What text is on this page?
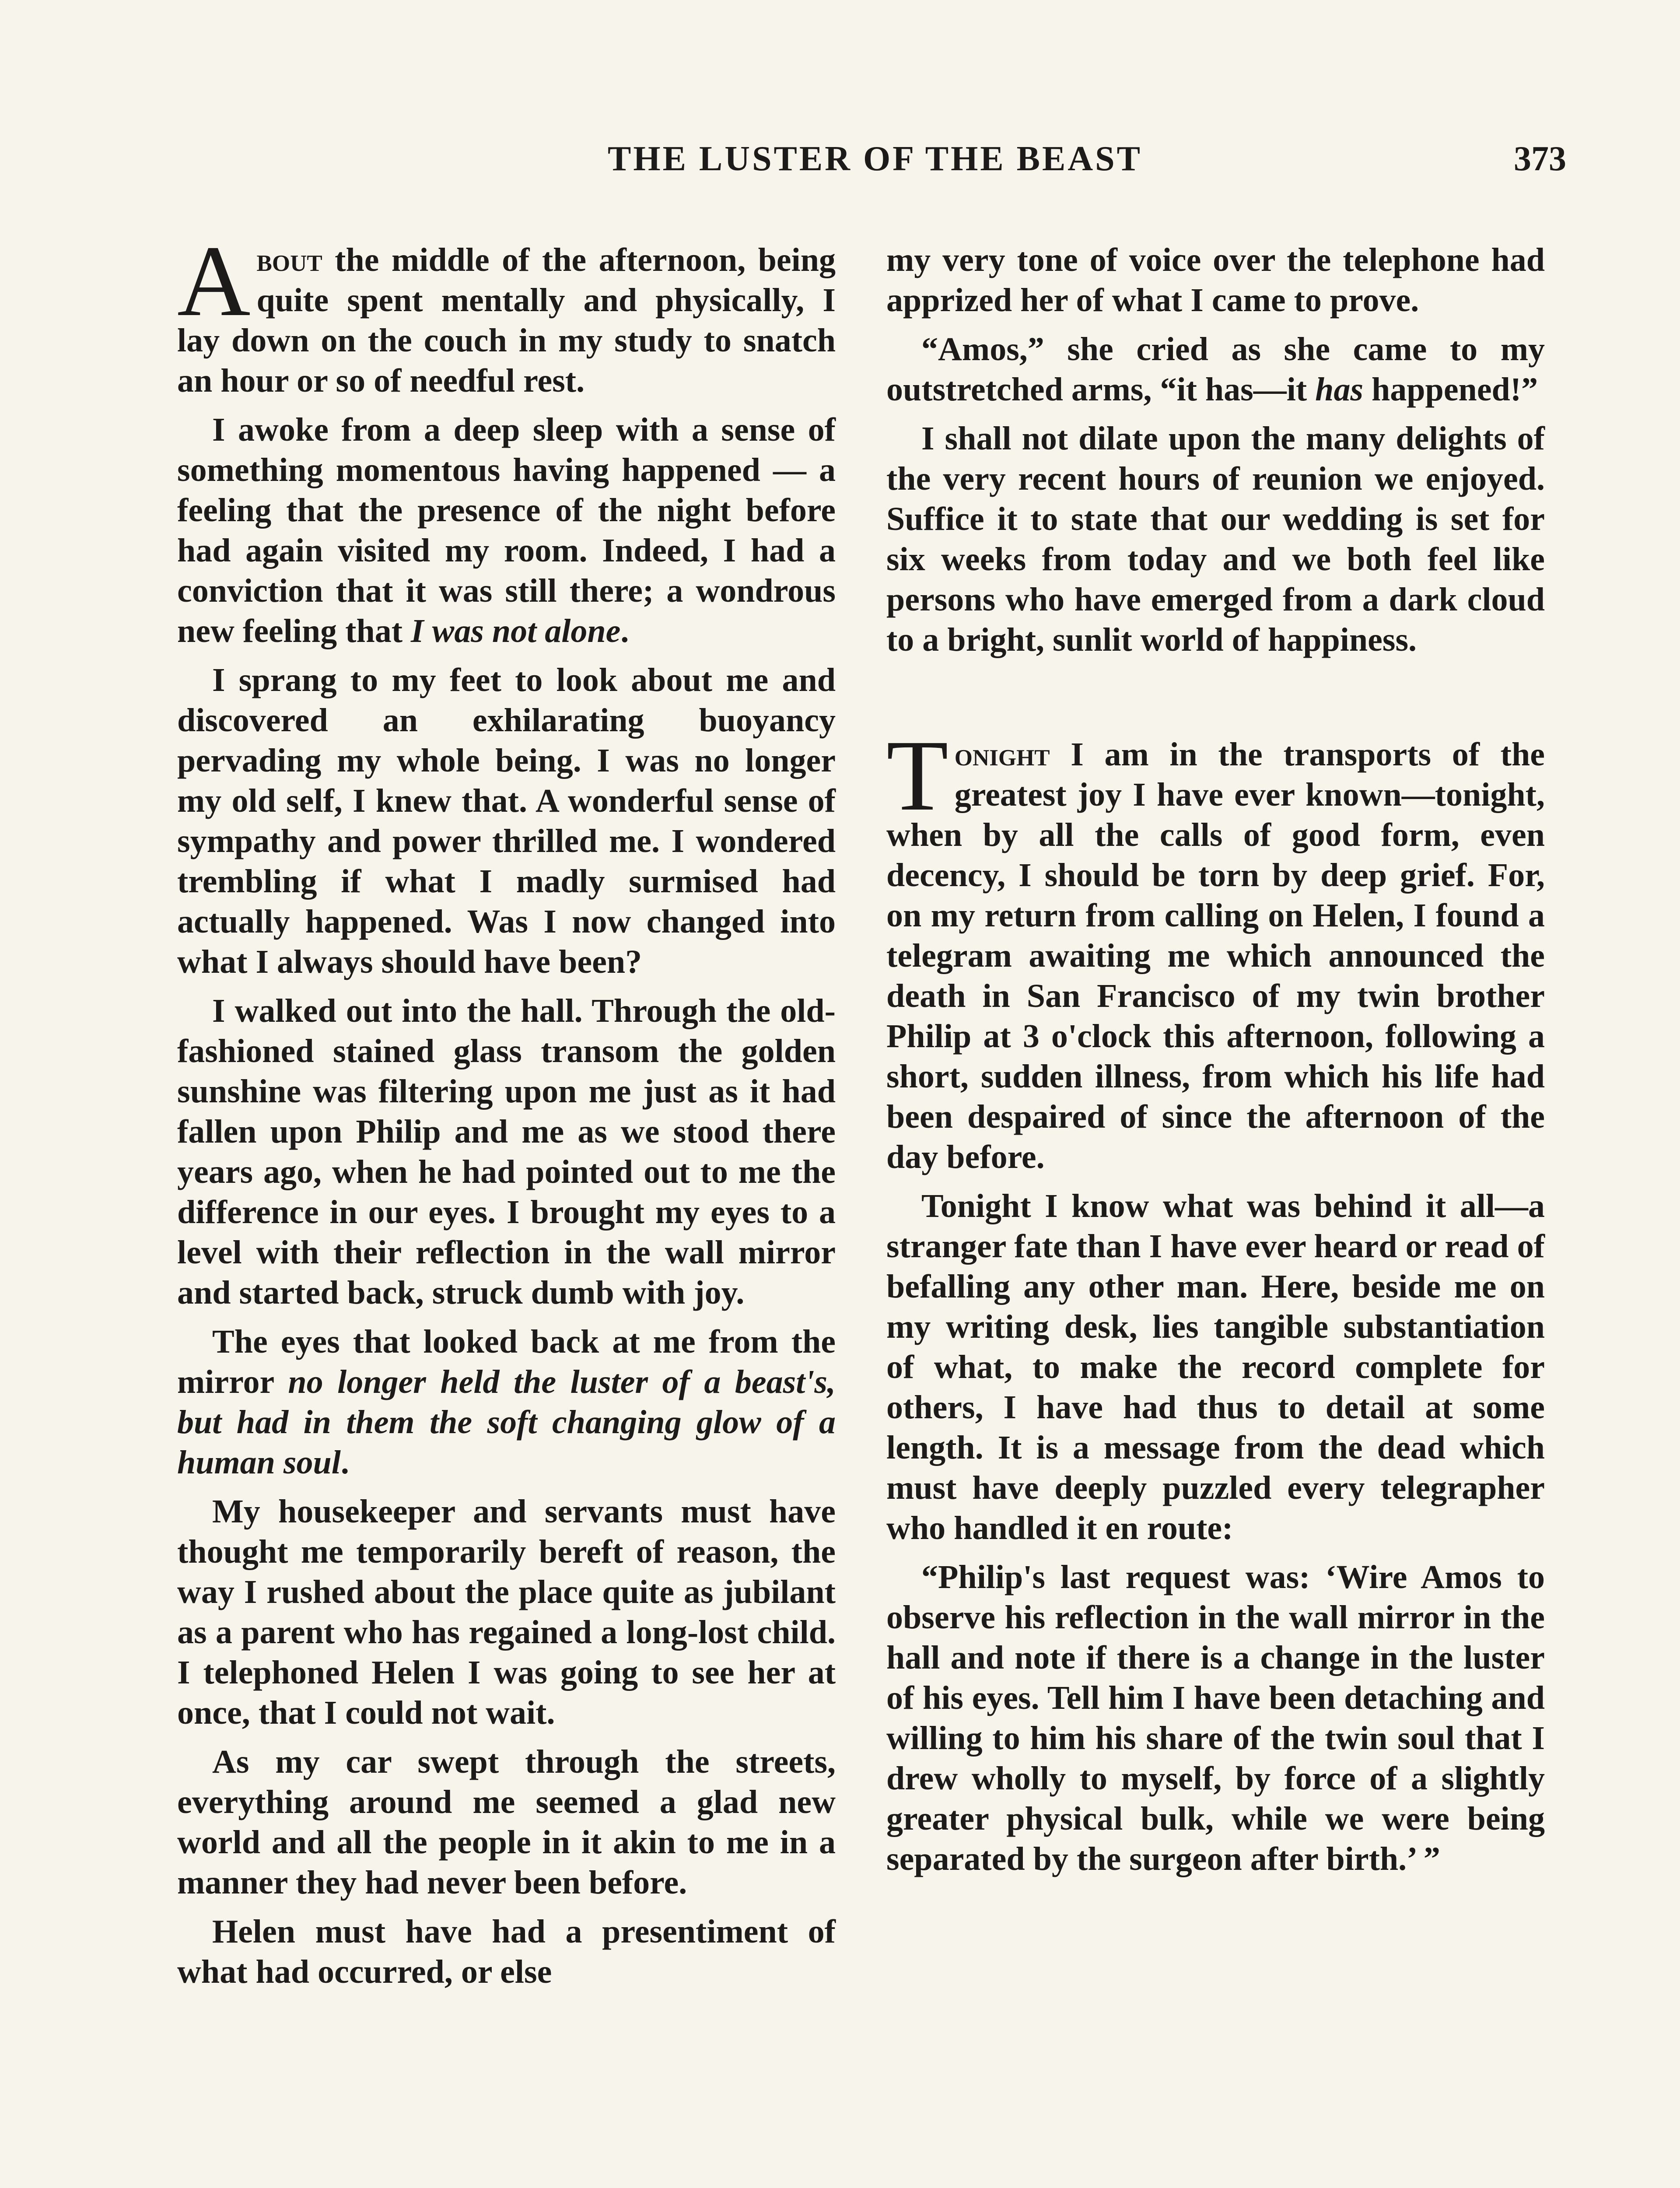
THE LUSTER OF THE BEAST	373

About the middle of the afternoon, being quite spent mentally and physically, I lay down on the couch in my study to snatch an hour or so of needful rest.

I awoke from a deep sleep with a sense of something momentous having happened — a feeling that the presence of the night before had again visited my room. Indeed, I had a conviction that it was still there; a wondrous new feeling that I was not alone.

I sprang to my feet to look about me and discovered an exhilarating buoyancy pervading my whole being. I was no longer my old self, I knew that. A wonderful sense of sympathy and power thrilled me. I wondered trembling if what I madly surmised had actually happened. Was I now changed into what I always should have been?

I walked out into the hall. Through the old-fashioned stained glass transom the golden sunshine was filtering upon me just as it had fallen upon Philip and me as we stood there years ago, when he had pointed out to me the difference in our eyes. I brought my eyes to a level with their reflection in the wall mirror and started back, struck dumb with joy.

The eyes that looked back at me from the mirror no longer held the luster of a beast's, but had in them the soft changing glow of a human soul.

My housekeeper and servants must have thought me temporarily bereft of reason, the way I rushed about the place quite as jubilant as a parent who has regained a long-lost child. I telephoned Helen I was going to see her at once, that I could not wait.

As my car swept through the streets, everything around me seemed a glad new world and all the people in it akin to me in a manner they had never been before.

Helen must have had a presentiment of what had occurred, or else

my very tone of voice over the telephone had apprized her of what I came to prove.

“Amos,” she cried as she came to my outstretched arms, “it has—it has happened!”

I shall not dilate upon the many delights of the very recent hours of reunion we enjoyed. Suffice it to state that our wedding is set for six weeks from today and we both feel like persons who have emerged from a dark cloud to a bright, sunlit world of happiness.

Tonight I am in the transports of the greatest joy I have ever known—tonight, when by all the calls of good form, even decency, I should be torn by deep grief. For, on my return from calling on Helen, I found a telegram awaiting me which announced the death in San Francisco of my twin brother Philip at 3 o'clock this afternoon, following a short, sudden illness, from which his life had been despaired of since the afternoon of the day before.

Tonight I know what was behind it all—a stranger fate than I have ever heard or read of befalling any other man. Here, beside me on my writing desk, lies tangible substantiation of what, to make the record complete for others, I have had thus to detail at some length. It is a message from the dead which must have deeply puzzled every telegrapher who handled it en route:

“Philip's last request was: ‘Wire Amos to observe his reflection in the wall mirror in the hall and note if there is a change in the luster of his eyes. Tell him I have been detaching and willing to him his share of the twin soul that I drew wholly to myself, by force of a slightly greater physical bulk, while we were being separated by the surgeon after birth.’ ”
